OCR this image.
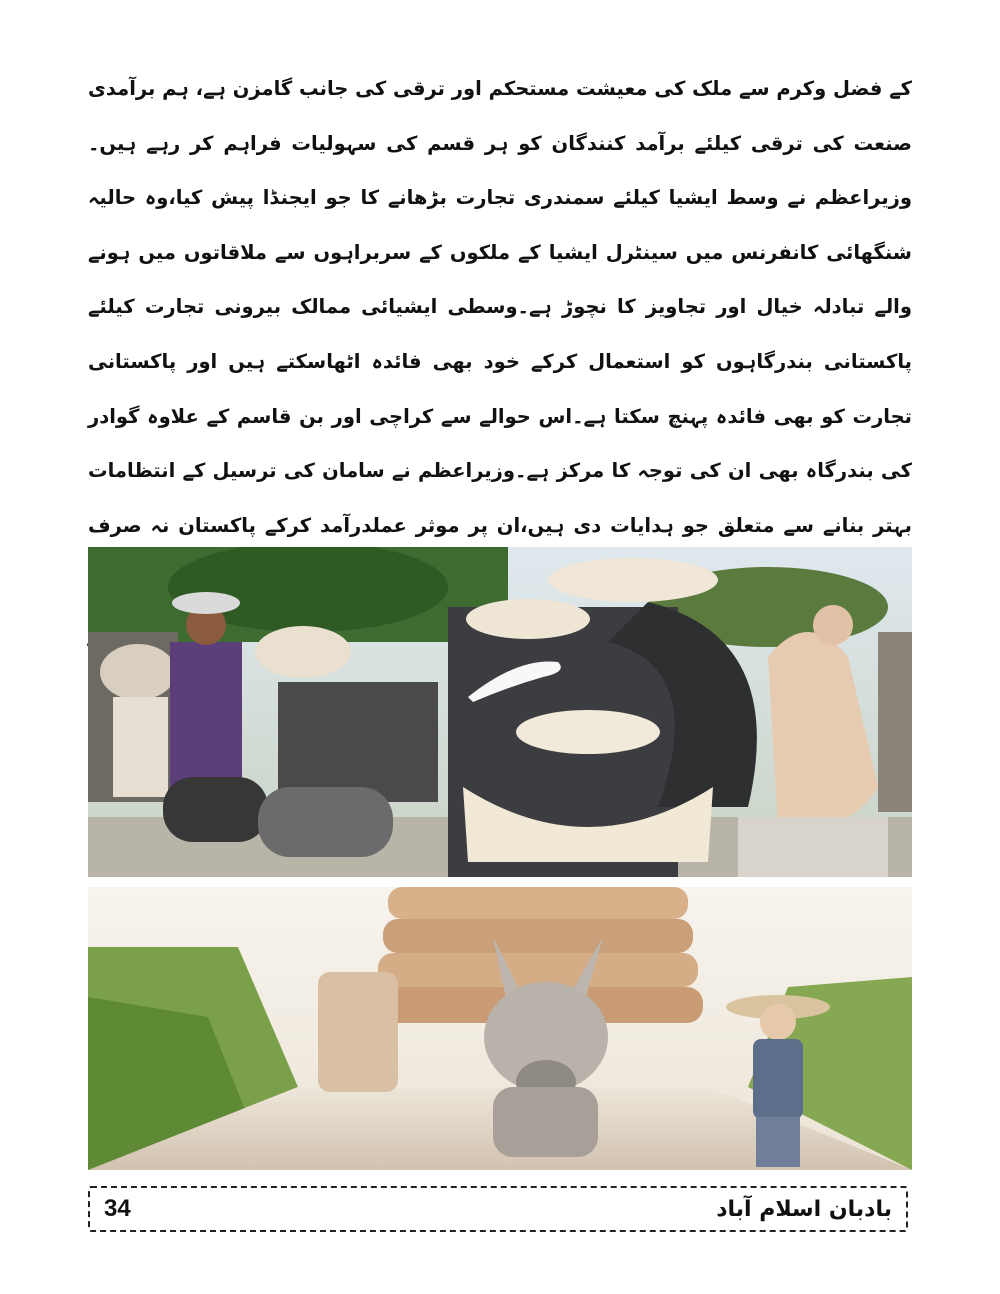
کے فضل وکرم سے ملک کی معیشت مستحکم اور ترقی کی جانب گامزن ہے، ہم برآمدی صنعت کی ترقی کیلئے برآمد کنندگان کو ہر قسم کی سہولیات فراہم کر رہے ہیں۔وزیراعظم نے وسط ایشیا کیلئے سمندری تجارت بڑھانے کا جو ایجنڈا پیش کیا،وہ حالیہ شنگھائی کانفرنس میں سینٹرل ایشیا کے ملکوں کے سربراہوں سے ملاقاتوں میں ہونے والے تبادلہ خیال اور تجاویز کا نچوڑ ہے۔وسطی ایشیائی ممالک بیرونی تجارت کیلئے پاکستانی بندرگاہوں کو استعمال کرکے خود بھی فائدہ اٹھاسکتے ہیں اور پاکستانی تجارت کو بھی فائدہ پہنچ سکتا ہے۔اس حوالے سے کراچی اور بن قاسم کے علاوہ گوادر کی بندرگاہ بھی ان کی توجہ کا مرکز ہے۔وزیراعظم نے سامان کی ترسیل کے انتظامات بہتر بنانے سے متعلق جو ہدایات دی ہیں،ان پر موثر عملدرآمد کرکے پاکستان نہ صرف

34	بادبان اسلام آباد
